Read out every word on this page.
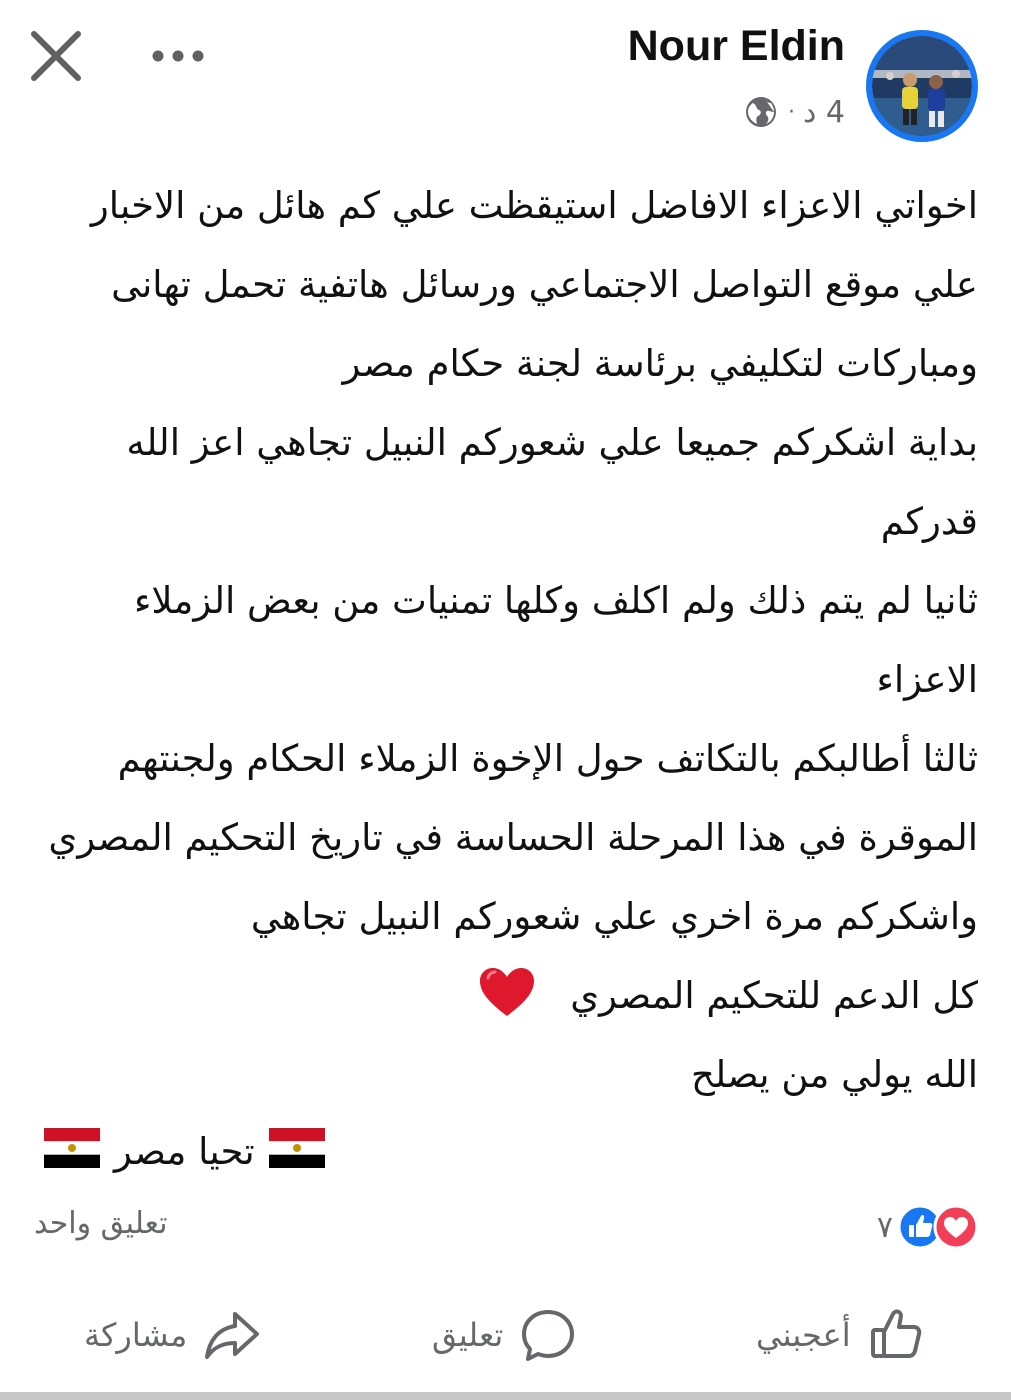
Nour Eldin
· 4 د
اخواتي الاعزاء الافاضل استيقظت علي كم هائل من الاخبار
علي موقع التواصل الاجتماعي ورسائل هاتفية تحمل تهانى
ومباركات لتكليفي برئاسة لجنة حكام مصر
بداية اشكركم جميعا علي شعوركم النبيل تجاهي اعز الله
قدركم
ثانيا لم يتم ذلك ولم اكلف وكلها تمنيات من بعض الزملاء
الاعزاء
ثالثا أطالبكم بالتكاتف حول الإخوة الزملاء الحكام ولجنتهم
الموقرة في هذا المرحلة الحساسة في تاريخ التحكيم المصري
واشكركم مرة اخري علي شعوركم النبيل تجاهي
كل الدعم للتحكيم المصري
الله يولي من يصلح
تحيا مصر
٧
تعليق واحد
أعجبني
تعليق
مشاركة
